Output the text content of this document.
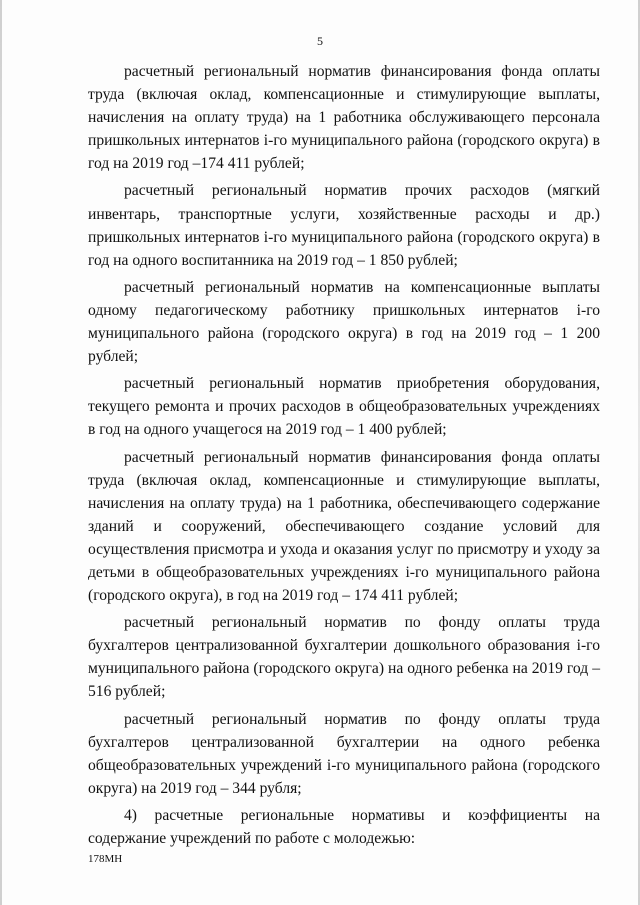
5

расчетный региональный норматив финансирования фонда оплаты труда (включая оклад, компенсационные и стимулирующие выплаты, начисления на оплату труда) на 1 работника обслуживающего персонала пришкольных интернатов i-го муниципального района (городского округа) в год на 2019 год –174 411 рублей;

расчетный региональный норматив прочих расходов (мягкий инвентарь, транспортные услуги, хозяйственные расходы и др.) пришкольных интернатов i-го муниципального района (городского округа) в год на одного воспитанника на 2019 год – 1 850 рублей;

расчетный региональный норматив на компенсационные выплаты одному педагогическому работнику пришкольных интернатов i-го муниципального района (городского округа) в год на 2019 год – 1 200 рублей;

расчетный региональный норматив приобретения оборудования, текущего ремонта и прочих расходов в общеобразовательных учреждениях в год на одного учащегося на 2019 год – 1 400 рублей;

расчетный региональный норматив финансирования фонда оплаты труда (включая оклад, компенсационные и стимулирующие выплаты, начисления на оплату труда) на 1 работника, обеспечивающего содержание зданий и сооружений, обеспечивающего создание условий для осуществления присмотра и ухода и оказания услуг по присмотру и уходу за детьми в общеобразовательных учреждениях i-го муниципального района (городского округа), в год на 2019 год – 174 411 рублей;

расчетный региональный норматив по фонду оплаты труда бухгалтеров централизованной бухгалтерии дошкольного образования i-го муниципального района (городского округа) на одного ребенка на 2019 год –516 рублей;

расчетный региональный норматив по фонду оплаты труда бухгалтеров централизованной бухгалтерии на одного ребенка общеобразовательных учреждений i-го муниципального района (городского округа) на 2019 год – 344 рубля;

4) расчетные региональные нормативы и коэффициенты на содержание учреждений по работе с молодежью:

178МН
